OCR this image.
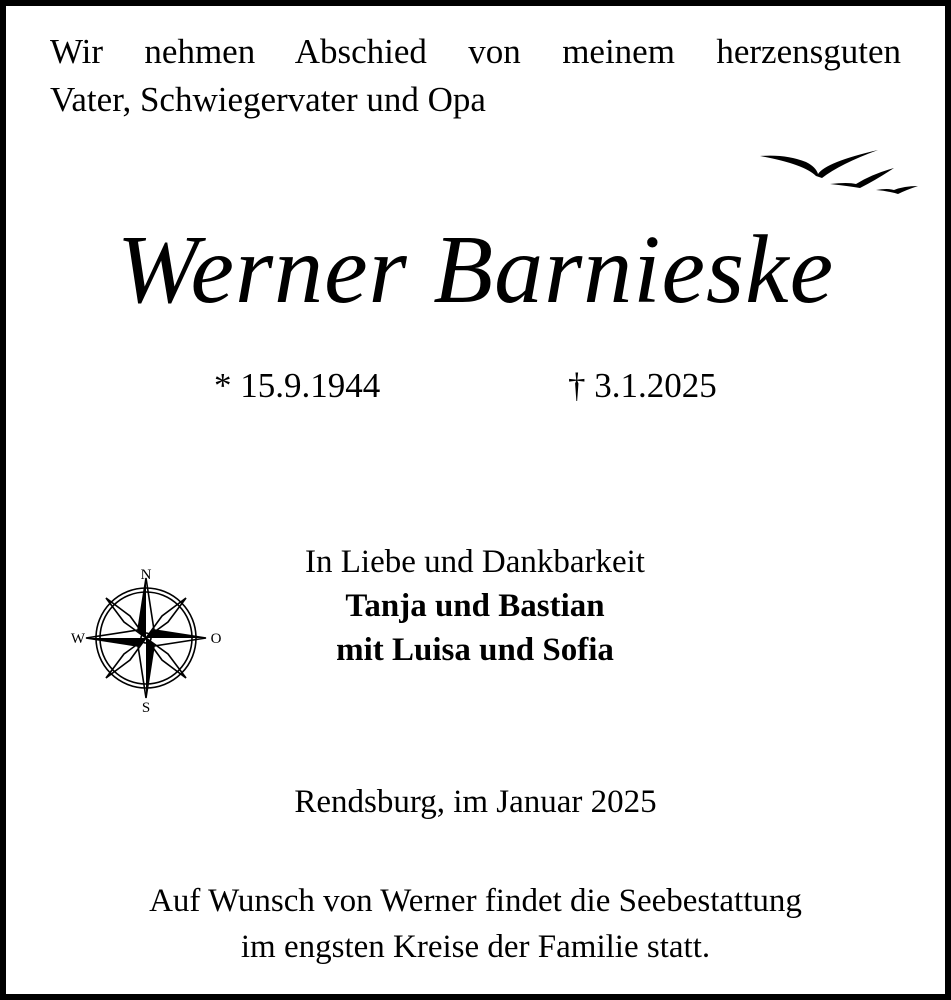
Wir nehmen Abschied von meinem herzensguten
Vater, Schwiegervater und Opa
Werner Barnieske
* 15.9.1944	† 3.1.2025
N
W	O
S
In Liebe und Dankbarkeit
Tanja und Bastian
mit Luisa und Sofia
Rendsburg, im Januar 2025
Auf Wunsch von Werner findet die Seebestattung
im engsten Kreise der Familie statt.
